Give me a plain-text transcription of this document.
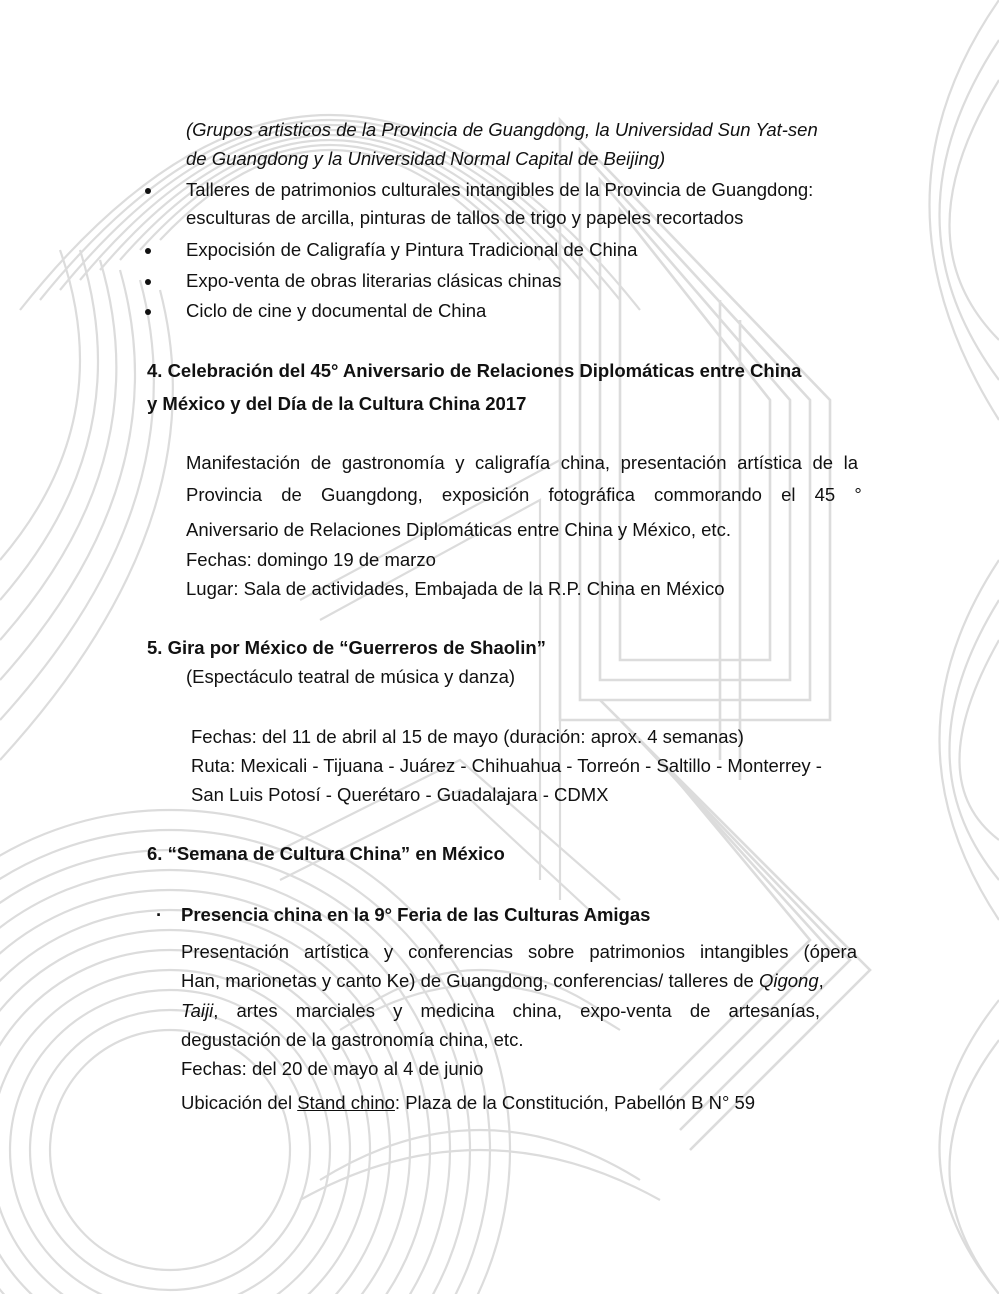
(Grupos artisticos de la Provincia de Guangdong, la Universidad Sun Yat-sen
de Guangdong y la Universidad Normal Capital de Beijing)
Talleres de patrimonios culturales intangibles de la Provincia de Guangdong:
esculturas de arcilla, pinturas de tallos de trigo y papeles recortados
Expocisión de Caligrafía y Pintura Tradicional de China
Expo-venta de obras literarias clásicas chinas
Ciclo de cine y documental de China
4. Celebración del 45° Aniversario de Relaciones Diplomáticas entre China
y México y del Día de la Cultura China 2017
Manifestación de gastronomía y caligrafía china, presentación artística de la
Provincia de Guangdong, exposición fotográfica commorando el 45 °
Aniversario de Relaciones Diplomáticas entre China y México, etc.
Fechas: domingo 19 de marzo
Lugar: Sala de actividades, Embajada de la R.P. China en México
5. Gira por México de “Guerreros de Shaolin”
(Espectáculo teatral de música y danza)
Fechas: del 11 de abril al 15 de mayo (duración: aprox. 4 semanas)
Ruta: Mexicali - Tijuana - Juárez - Chihuahua - Torreón - Saltillo - Monterrey -
San Luis Potosí - Querétaro - Guadalajara - CDMX
6. “Semana de Cultura China” en México
· Presencia china en la 9° Feria de las Culturas Amigas
Presentación artística y conferencias sobre patrimonios intangibles (ópera
Han, marionetas y canto Ke) de Guangdong, conferencias/ talleres de Qigong,
Taiji, artes marciales y medicina china, expo-venta de artesanías,
degustación de la gastronomía china, etc.
Fechas: del 20 de mayo al 4 de junio
Ubicación del Stand chino: Plaza de la Constitución, Pabellón B N° 59
